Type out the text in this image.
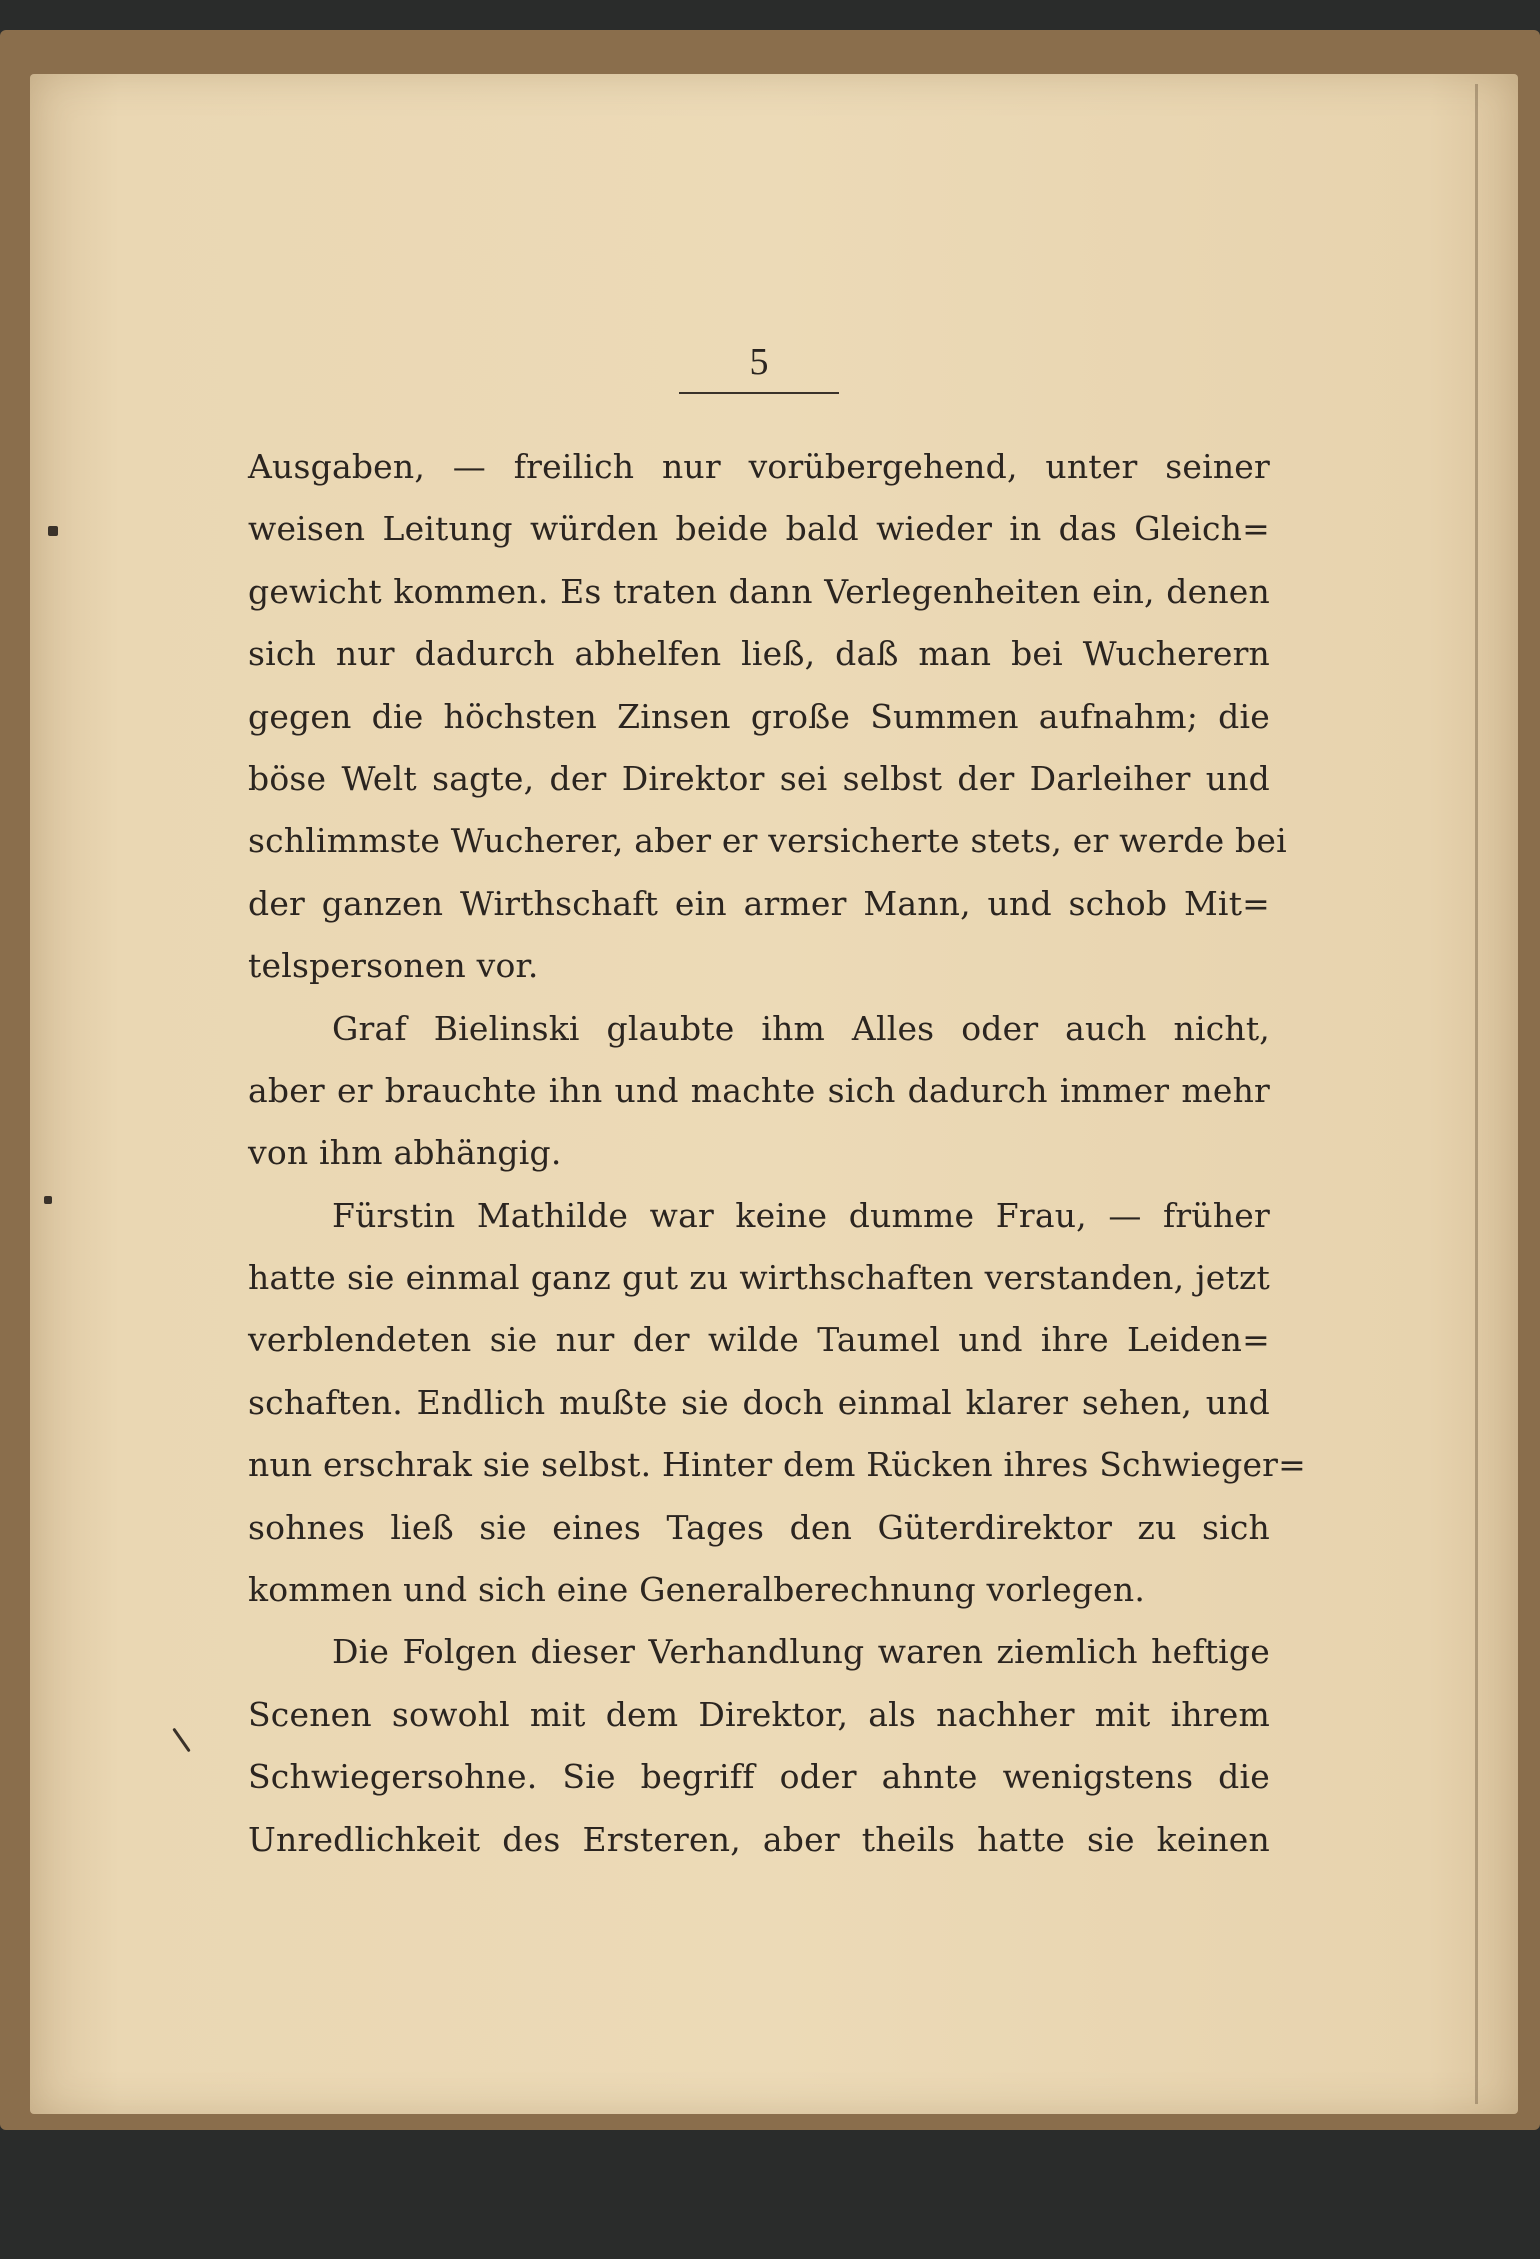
5
Ausgaben, — freilich nur vorübergehend, unter seiner
weisen Leitung würden beide bald wieder in das Gleich=
gewicht kommen. Es traten dann Verlegenheiten ein, denen
sich nur dadurch abhelfen ließ, daß man bei Wucherern
gegen die höchsten Zinsen große Summen aufnahm; die
böse Welt sagte, der Direktor sei selbst der Darleiher und
schlimmste Wucherer, aber er versicherte stets, er werde bei
der ganzen Wirthschaft ein armer Mann, und schob Mit=
telspersonen vor.
Graf Bielinski glaubte ihm Alles oder auch nicht,
aber er brauchte ihn und machte sich dadurch immer mehr
von ihm abhängig.
Fürstin Mathilde war keine dumme Frau, — früher
hatte sie einmal ganz gut zu wirthschaften verstanden, jetzt
verblendeten sie nur der wilde Taumel und ihre Leiden=
schaften. Endlich mußte sie doch einmal klarer sehen, und
nun erschrak sie selbst. Hinter dem Rücken ihres Schwieger=
sohnes ließ sie eines Tages den Güterdirektor zu sich
kommen und sich eine Generalberechnung vorlegen.
Die Folgen dieser Verhandlung waren ziemlich heftige
Scenen sowohl mit dem Direktor, als nachher mit ihrem
Schwiegersohne. Sie begriff oder ahnte wenigstens die
Unredlichkeit des Ersteren, aber theils hatte sie keinen
